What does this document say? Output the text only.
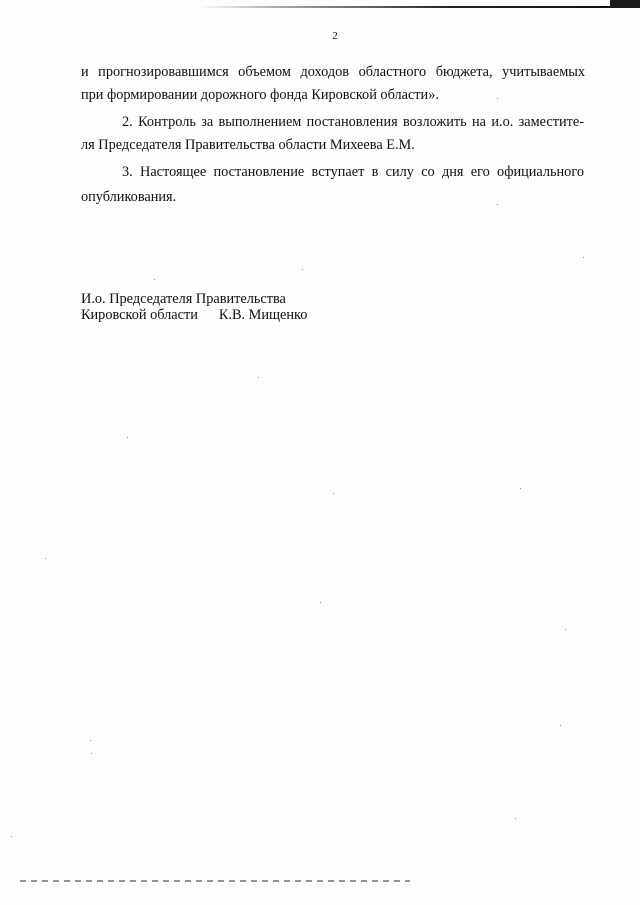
2
и прогнозировавшимся объемом доходов областного бюджета, учитываемых
при формировании дорожного фонда Кировской области».
2. Контроль за выполнением постановления возложить на и.о. заместите-
ля Председателя Правительства области Михеева Е.М.
3. Настоящее постановление вступает в силу со дня его официального
опубликования.
И.о. Председателя Правительства
Кировской области К.В. Мищенко
